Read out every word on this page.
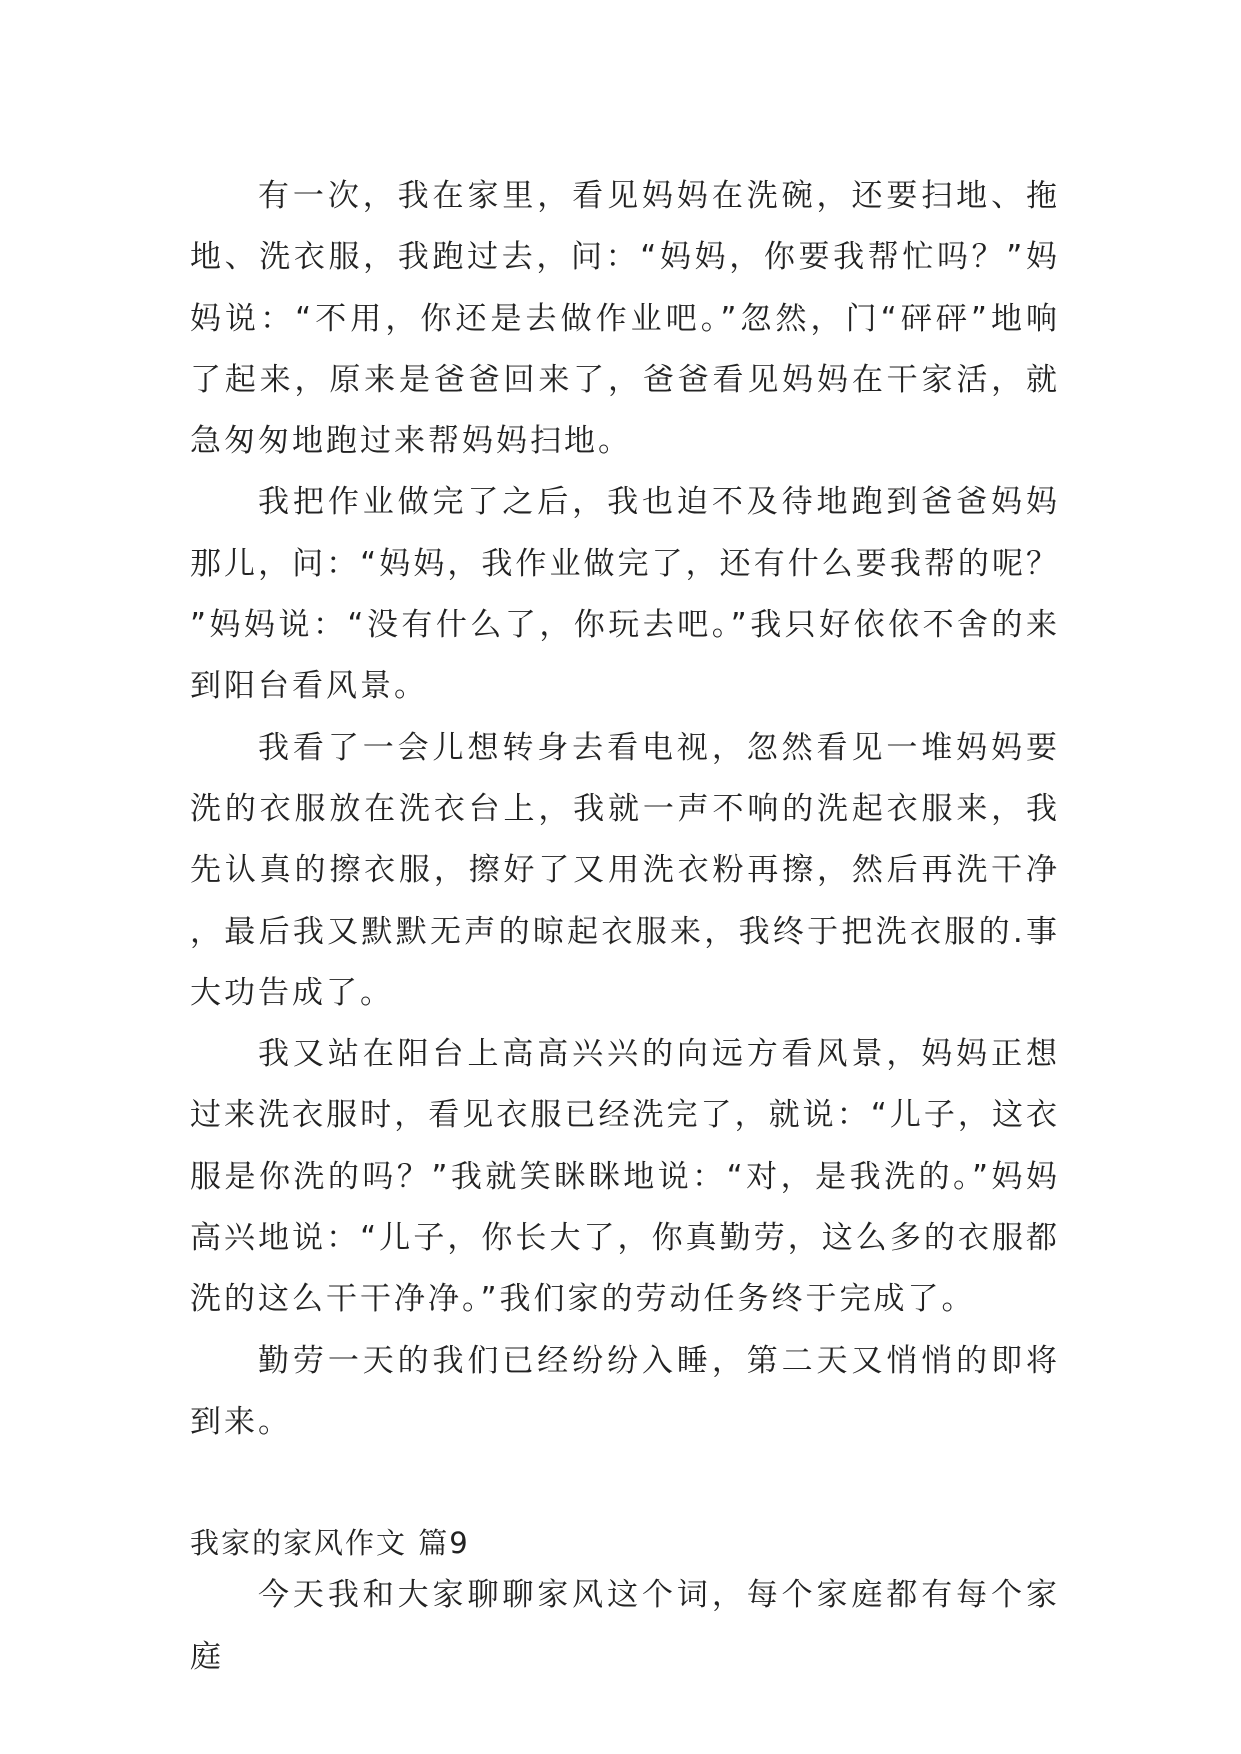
有一次，我在家里，看见妈妈在洗碗，还要扫地、拖地、洗衣服，我跑过去，问：“妈妈，你要我帮忙吗？”妈妈说：“不用，你还是去做作业吧。”忽然，门“砰砰”地响了起来，原来是爸爸回来了，爸爸看见妈妈在干家活，就急匆匆地跑过来帮妈妈扫地。

我把作业做完了之后，我也迫不及待地跑到爸爸妈妈那儿，问：“妈妈，我作业做完了，还有什么要我帮的呢？”妈妈说：“没有什么了，你玩去吧。”我只好依依不舍的来到阳台看风景。

我看了一会儿想转身去看电视，忽然看见一堆妈妈要洗的衣服放在洗衣台上，我就一声不响的洗起衣服来，我先认真的擦衣服，擦好了又用洗衣粉再擦，然后再洗干净，最后我又默默无声的晾起衣服来，我终于把洗衣服的.事大功告成了。

我又站在阳台上高高兴兴的向远方看风景，妈妈正想过来洗衣服时，看见衣服已经洗完了，就说：“儿子，这衣服是你洗的吗？”我就笑眯眯地说：“对，是我洗的。”妈妈高兴地说：“儿子，你长大了，你真勤劳，这么多的衣服都洗的这么干干净净。”我们家的劳动任务终于完成了。

勤劳一天的我们已经纷纷入睡，第二天又悄悄的即将到来。

我家的家风作文 篇9

今天我和大家聊聊家风这个词，每个家庭都有每个家庭
